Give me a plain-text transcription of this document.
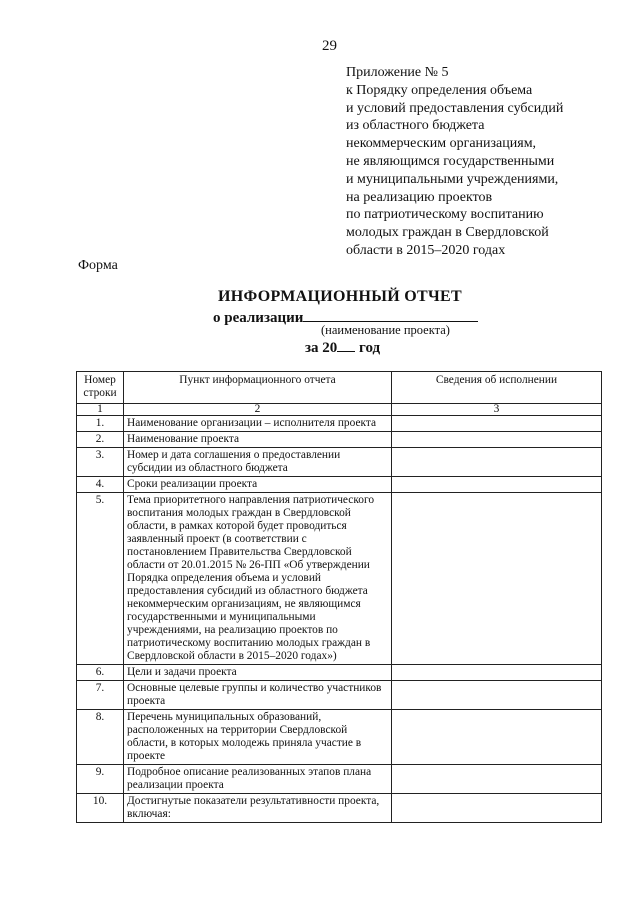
29
Приложение № 5
к Порядку определения объема
и условий предоставления субсидий
из областного бюджета
некоммерческим организациям,
не являющимся государственными
и муниципальными учреждениями,
на реализацию проектов
по патриотическому воспитанию
молодых граждан в Свердловской
области в 2015–2020 годах
Форма
ИНФОРМАЦИОННЫЙ ОТЧЕТ
о реализации
(наименование проекта)
за 20 год
Номер строки	Пункт информационного отчета	Сведения об исполнении
1	2	3
1.	Наименование организации – исполнителя проекта	
2.	Наименование проекта	
3.	Номер и дата соглашения о предоставлении субсидии из областного бюджета	
4.	Сроки реализации проекта	
5.	Тема приоритетного направления патриотического воспитания молодых граждан в Свердловской области, в рамках которой будет проводиться заявленный проект (в соответствии с постановлением Правительства Свердловской области от 20.01.2015 № 26-ПП «Об утверждении Порядка определения объема и условий предоставления субсидий из областного бюджета некоммерческим организациям, не являющимся государственными и муниципальными учреждениями, на реализацию проектов по патриотическому воспитанию молодых граждан в Свердловской области в 2015–2020 годах»)	
6.	Цели и задачи проекта	
7.	Основные целевые группы и количество участников проекта	
8.	Перечень муниципальных образований, расположенных на территории Свердловской области, в которых молодежь приняла участие в проекте	
9.	Подробное описание реализованных этапов плана реализации проекта	
10.	Достигнутые показатели результативности проекта, включая:	
